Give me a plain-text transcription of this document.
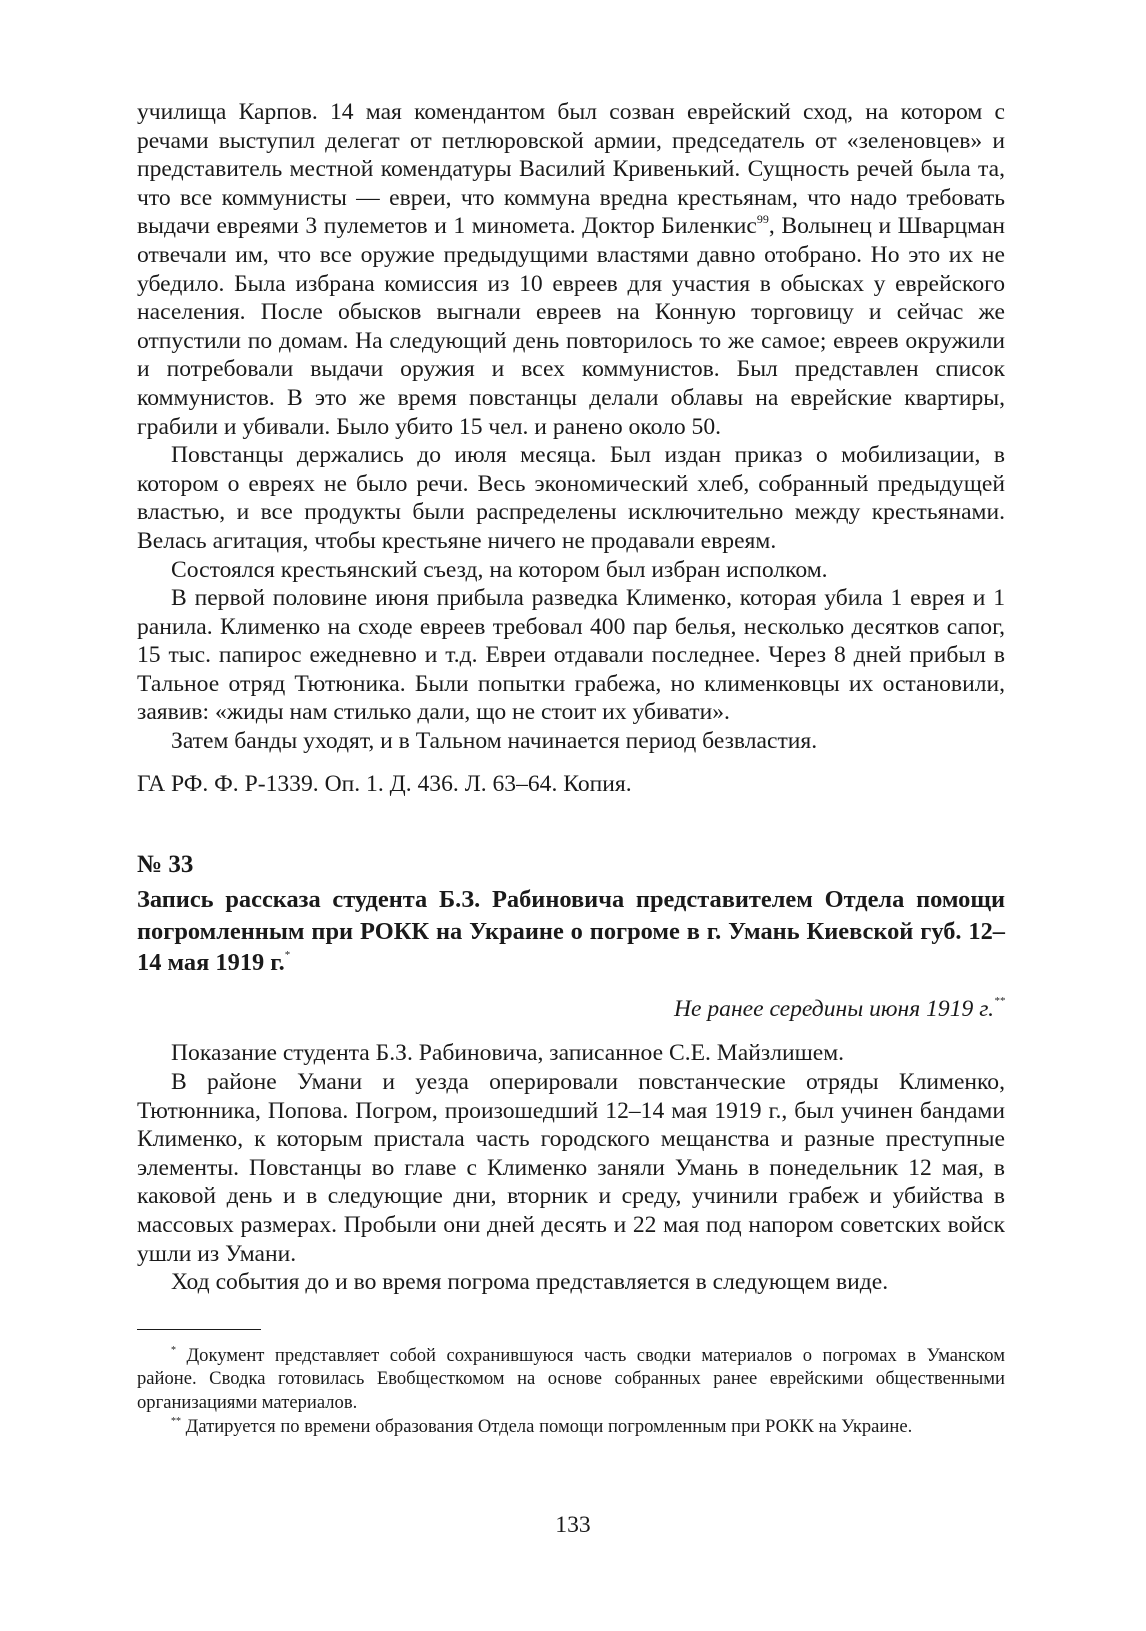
училища Карпов. 14 мая комендантом был созван еврейский сход, на котором с речами выступил делегат от петлюровской армии, председатель от «зеленовцев» и представитель местной комендатуры Василий Кривенький. Сущность речей была та, что все коммунисты — евреи, что коммуна вредна крестьянам, что надо требовать выдачи евреями 3 пулеметов и 1 миномета. Доктор Биленкис$^{99}$, Волынец и Шварцман отвечали им, что все оружие предыдущими властями давно отобрано. Но это их не убедило. Была избрана комиссия из 10 евреев для участия в обысках у еврейского населения. После обысков выгнали евреев на Конную торговицу и сейчас же отпустили по домам. На следующий день повторилось то же самое; евреев окружили и потребовали выдачи оружия и всех коммунистов. Был представлен список коммунистов. В это же время повстанцы делали облавы на еврейские квартиры, грабили и убивали. Было убито 15 чел. и ранено около 50.

Повстанцы держались до июля месяца. Был издан приказ о мобилизации, в котором о евреях не было речи. Весь экономический хлеб, собранный предыдущей властью, и все продукты были распределены исключительно между крестьянами. Велась агитация, чтобы крестьяне ничего не продавали евреям.

Состоялся крестьянский съезд, на котором был избран исполком.

В первой половине июня прибыла разведка Клименко, которая убила 1 еврея и 1 ранила. Клименко на сходе евреев требовал 400 пар белья, несколько десятков сапог, 15 тыс. папирос ежедневно и т.д. Евреи отдавали последнее. Через 8 дней прибыл в Тальное отряд Тютюника. Были попытки грабежа, но клименковцы их остановили, заявив: «жиды нам стилько дали, що не стоит их убивати».

Затем банды уходят, и в Тальном начинается период безвластия.

ГА РФ. Ф. Р-1339. Оп. 1. Д. 436. Л. 63–64. Копия.

№ 33
Запись рассказа студента Б.З. Рабиновича представителем Отдела помощи погромленным при РОКК на Украине о погроме в г. Умань Киевской губ. 12–14 мая 1919 г.*
Не ранее середины июня 1919 г.**

Показание студента Б.З. Рабиновича, записанное С.Е. Майзлишем.

В районе Умани и уезда оперировали повстанческие отряды Клименко, Тютюнника, Попова. Погром, произошедший 12–14 мая 1919 г., был учинен бандами Клименко, к которым пристала часть городского мещанства и разные преступные элементы. Повстанцы во главе с Клименко заняли Умань в понедельник 12 мая, в каковой день и в следующие дни, вторник и среду, учинили грабеж и убийства в массовых размерах. Пробыли они дней десять и 22 мая под напором советских войск ушли из Умани.

Ход события до и во время погрома представляется в следующем виде.

* Документ представляет собой сохранившуюся часть сводки материалов о погромах в Уманском районе. Сводка готовилась Евобщесткомом на основе собранных ранее еврейскими общественными организациями материалов.

** Датируется по времени образования Отдела помощи погромленным при РОКК на Украине.

133
